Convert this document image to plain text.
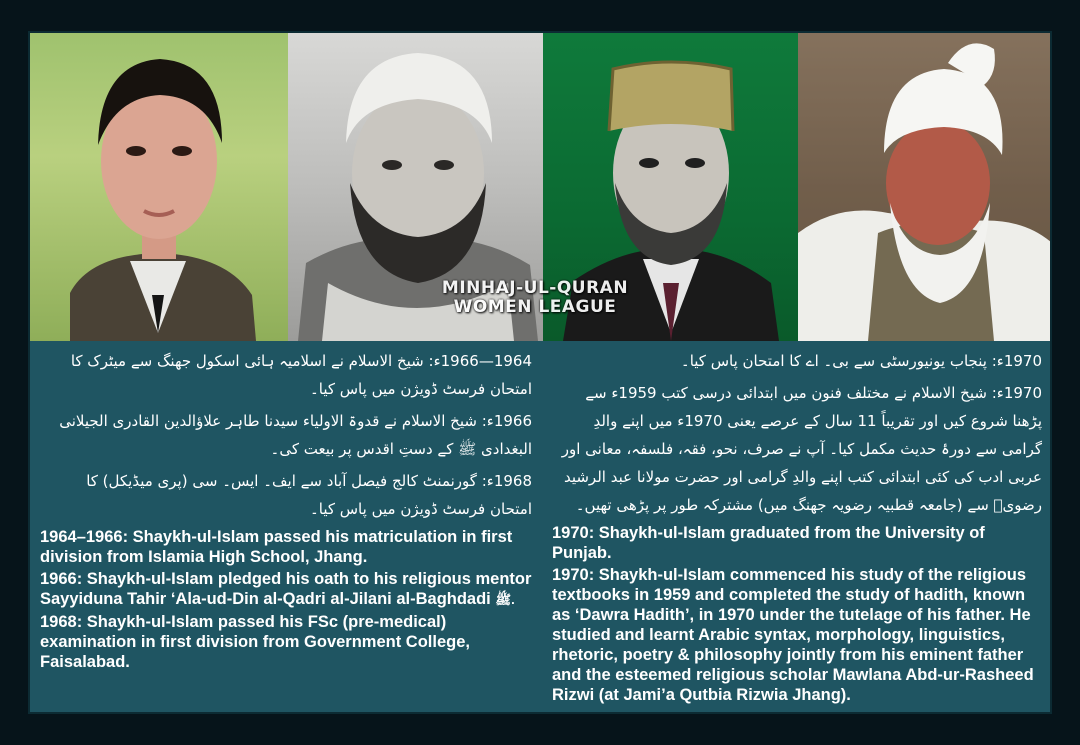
MINHAJ-UL-QURAN
WOMEN LEAGUE

1964—1966ء: شیخ الاسلام نے اسلامیہ ہائی اسکول جھنگ سے میٹرک کا امتحان فرسٹ ڈویژن میں پاس کیا۔

1966ء: شیخ الاسلام نے قدوۃ الاولیاء سیدنا طاہر علاؤالدین القادری الجیلانی البغدادی ﷺ کے دستِ اقدس پر بیعت کی۔

1968ء: گورنمنٹ کالج فیصل آباد سے ایف۔ ایس۔ سی (پری میڈیکل) کا امتحان فرسٹ ڈویژن میں پاس کیا۔

1964–1966: Shaykh-ul-Islam passed his matriculation in first division from Islamia High School, Jhang.

1966: Shaykh-ul-Islam pledged his oath to his religious mentor Sayyiduna Tahir ‘Ala-ud-Din al-Qadri al-Jilani al-Baghdadi ﷺ.

1968: Shaykh-ul-Islam passed his FSc (pre-medical) examination in first division from Government College, Faisalabad.

1970ء: پنجاب یونیورسٹی سے بی۔ اے کا امتحان پاس کیا۔

1970ء: شیخ الاسلام نے مختلف فنون میں ابتدائی درسی کتب 1959ء سے پڑھنا شروع کیں اور تقریباً 11 سال کے عرصے یعنی 1970ء میں اپنے والدِ گرامی سے دورۂ حدیث مکمل کیا۔ آپ نے صرف، نحو، فقہ، فلسفہ، معانی اور عربی ادب کی کئی ابتدائی کتب اپنے والدِ گرامی اور حضرت مولانا عبد الرشید رضویؒ سے (جامعہ قطبیہ رضویہ جھنگ میں) مشترکہ طور پر پڑھی تھیں۔

1970: Shaykh-ul-Islam graduated from the University of Punjab.

1970: Shaykh-ul-Islam commenced his study of the religious textbooks in 1959 and completed the study of hadith, known as ‘Dawra Hadith’, in 1970 under the tutelage of his father. He studied and learnt Arabic syntax, morphology, linguistics, rhetoric, poetry & philosophy jointly from his eminent father and the esteemed religious scholar Mawlana Abd-ur-Rasheed Rizwi (at Jami’a Qutbia Rizwia Jhang).
